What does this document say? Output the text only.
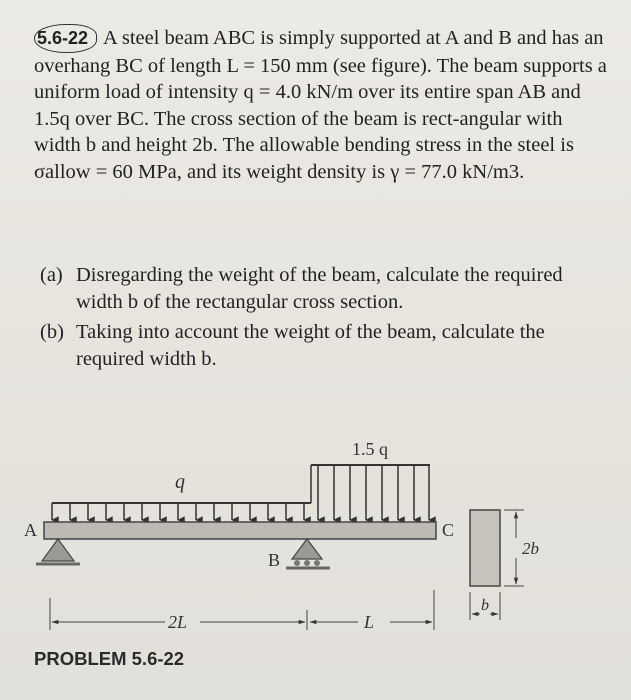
5.6-22 A steel beam ABC is simply supported at A and B and has an overhang BC of length L = 150 mm (see figure). The beam supports a uniform load of intensity q = 4.0 kN/m over its entire span AB and 1.5q over BC. The cross section of the beam is rect-angular with width b and height 2b. The allowable bending stress in the steel is σallow = 60 MPa, and its weight density is γ = 77.0 kN/m3.

(a) Disregarding the weight of the beam, calculate the required width b of the rectangular cross section.
(b) Taking into account the weight of the beam, calculate the required width b.
q
1.5 q
A
B
C
2L	L
2b
b
PROBLEM 5.6-22
